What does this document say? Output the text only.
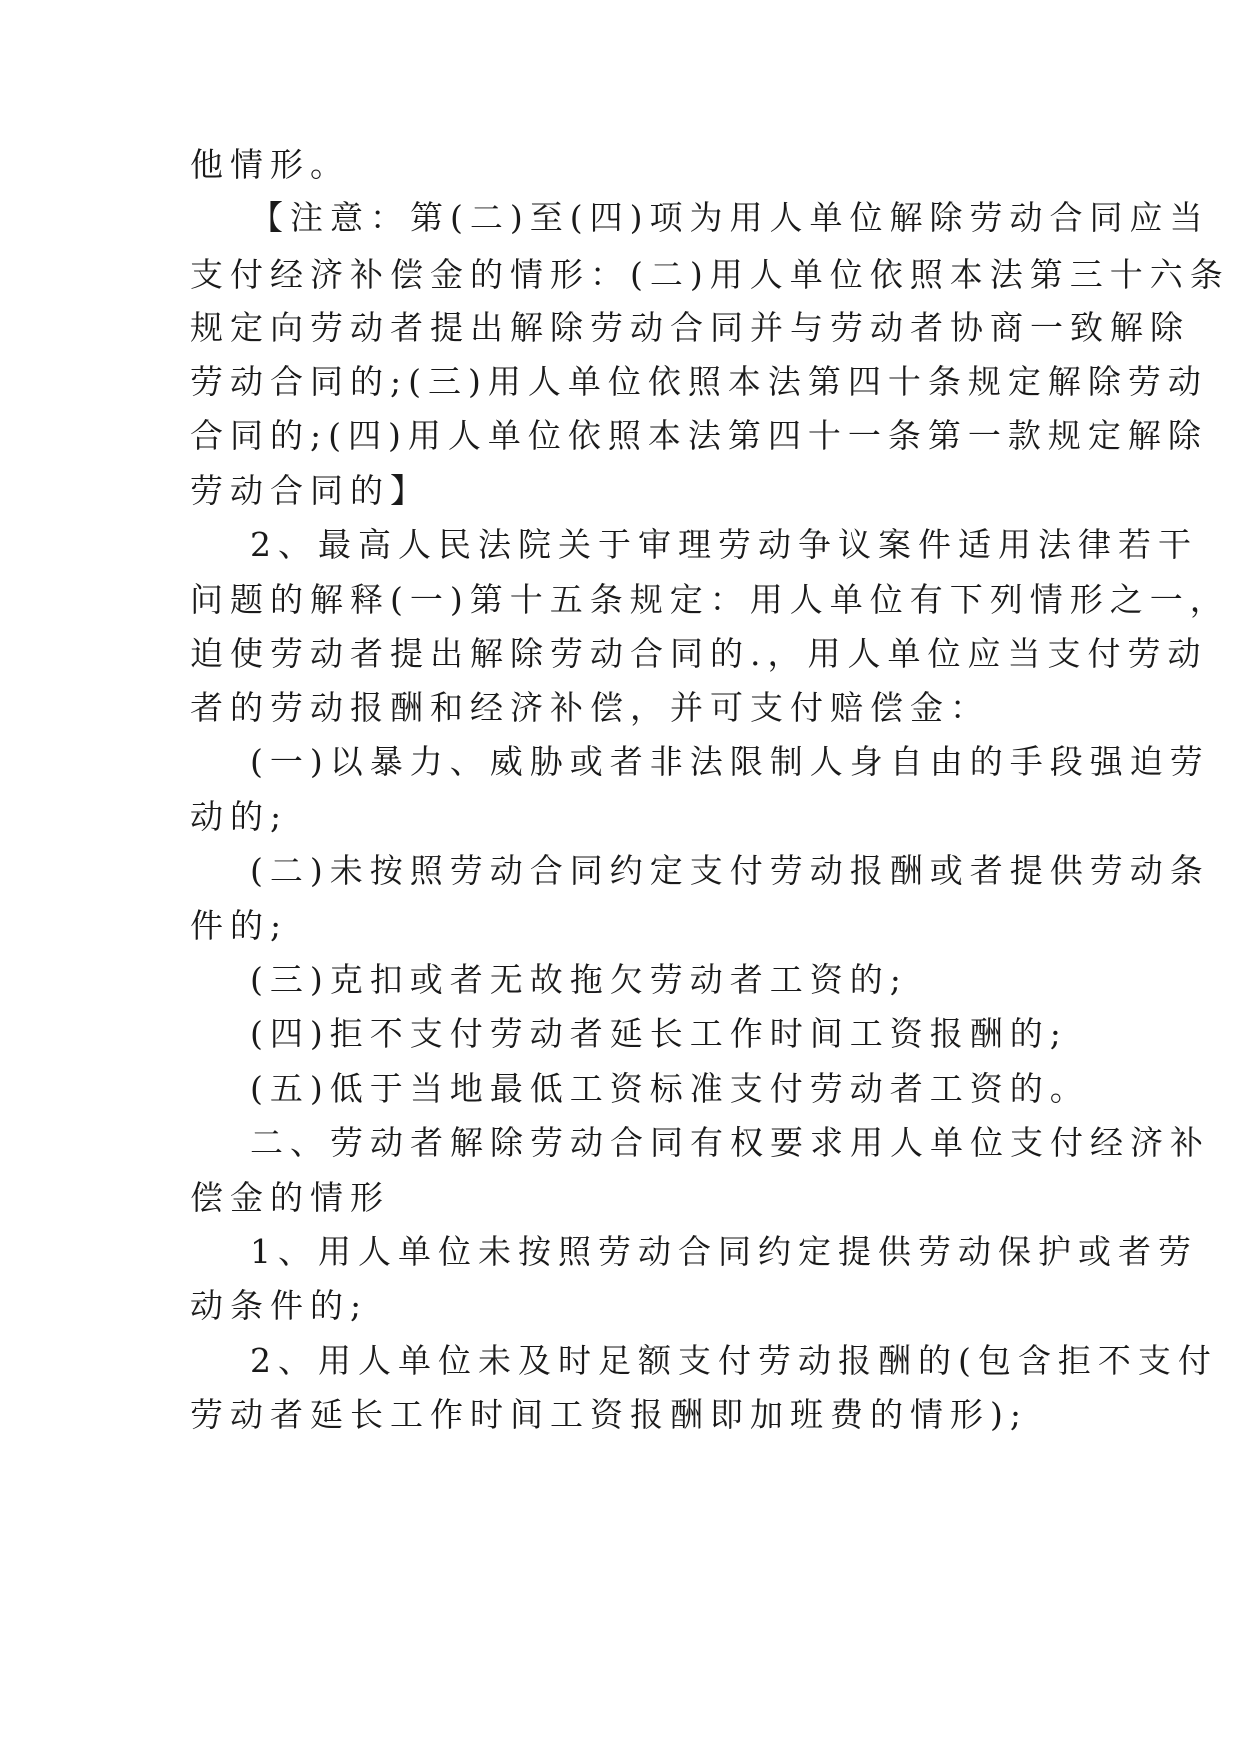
他情形。
【注意：第(二)至(四)项为用人单位解除劳动合同应当
支付经济补偿金的情形：(二)用人单位依照本法第三十六条
规定向劳动者提出解除劳动合同并与劳动者协商一致解除
劳动合同的;(三)用人单位依照本法第四十条规定解除劳动
合同的;(四)用人单位依照本法第四十一条第一款规定解除
劳动合同的】
2、最高人民法院关于审理劳动争议案件适用法律若干
问题的解释(一)第十五条规定：用人单位有下列情形之一，
迫使劳动者提出解除劳动合同的.，用人单位应当支付劳动
者的劳动报酬和经济补偿，并可支付赔偿金：
(一)以暴力、威胁或者非法限制人身自由的手段强迫劳
动的;
(二)未按照劳动合同约定支付劳动报酬或者提供劳动条
件的;
(三)克扣或者无故拖欠劳动者工资的;
(四)拒不支付劳动者延长工作时间工资报酬的;
(五)低于当地最低工资标准支付劳动者工资的。
二、劳动者解除劳动合同有权要求用人单位支付经济补
偿金的情形
1、用人单位未按照劳动合同约定提供劳动保护或者劳
动条件的;
2、用人单位未及时足额支付劳动报酬的(包含拒不支付
劳动者延长工作时间工资报酬即加班费的情形);
